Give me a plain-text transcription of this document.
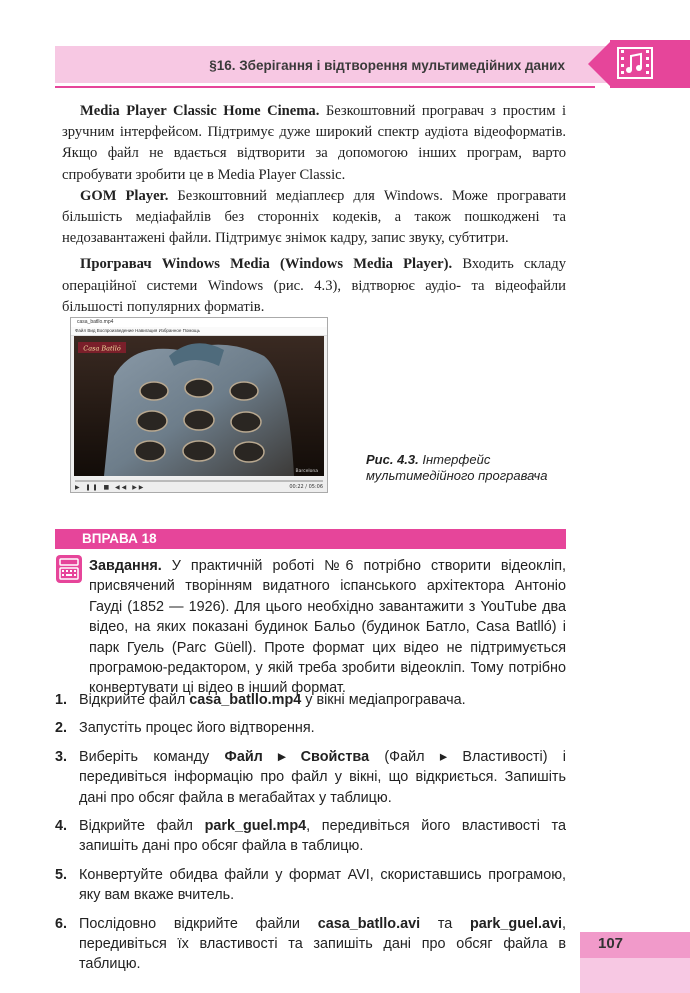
§16. Зберігання і відтворення мультимедійних даних

Media Player Classic Home Cinema. Безкоштовний програвач з простим і зручним інтерфейсом. Підтримує дуже широкий спектр аудіота відеоформатів. Якщо файл не вдається відтворити за допомогою інших програм, варто спробувати зробити це в Media Player Classic.

GOM Player. Безкоштовний медіаплеєр для Windows. Може програвати більшість медіафайлів без сторонніх кодеків, а також пошкоджені та недозавантажені файли. Підтримує знімок кадру, запис звуку, субтитри.

Програвач Windows Media (Windows Media Player). Входить складу операційної системи Windows (рис. 4.3), відтворює аудіо- та відеофайли більшості популярних форматів.

casa_batllo.mp4
Файл Вид Воспроизведение Навигация Избранное Помощь
Casa Batlló
Barcelona
▶ ❚❚ ■ ◀◀ ▶▶	00:22 / 05:06
Рис. 4.3. Інтерфейс мультимедійного програвача
ВПРАВА 18
Завдання. У практичній роботі №6 потрібно створити відеокліп, присвячений творінням видатного іспанського архітектора Антоніо Гауді (1852 — 1926). Для цього необхідно завантажити з YouTube два відео, на яких показані будинок Бальо (будинок Батло, Casa Batlló) і парк Гуель (Parc Güell). Проте формат цих відео не підтримується програмою-редактором, у якій треба зробити відеокліп. Тому потрібно конвертувати ці відео в інший формат.
1. Відкрийте файл casa_batllo.mp4 у вікні медіапрогравача.
2. Запустіть процес його відтворення.
3. Виберіть команду Файл ▸ Свойства (Файл ▸ Властивості) і передивіться інформацію про файл у вікні, що відкриється. Запишіть дані про обсяг файла в мегабайтах у таблицю.
4. Відкрийте файл park_guel.mp4, передивіться його властивості та запишіть дані про обсяг файла в таблицю.
5. Конвертуйте обидва файли у формат AVI, скориставшись програмою, яку вам вкаже вчитель.
6. Послідовно відкрийте файли casa_batllo.avi та park_guel.avi, передивіться їх властивості та запишіть дані про обсяг файла в таблицю.
107
